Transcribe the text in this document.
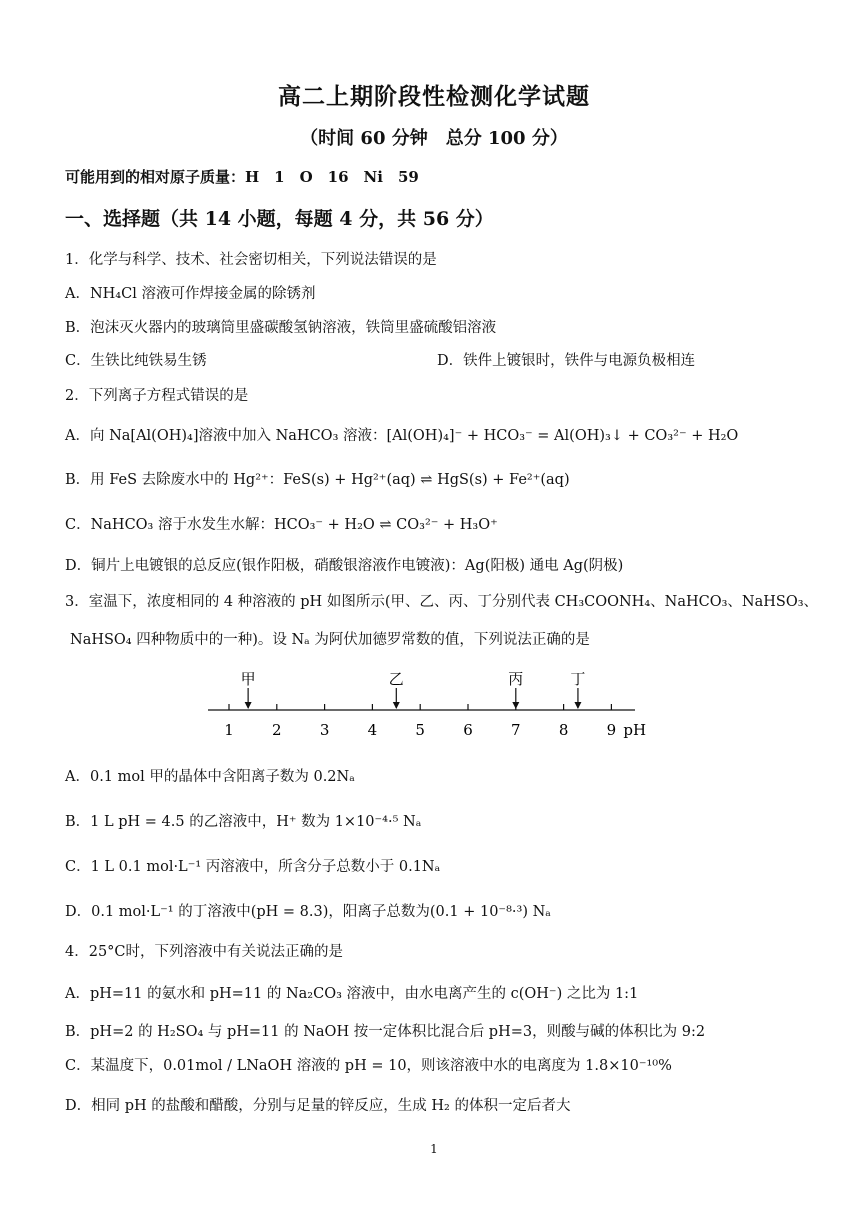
高二上期阶段性检测化学试题
（时间 60 分钟　总分 100 分）
可能用到的相对原子质量：H　1　O　16　Ni　59
一、选择题（共 14 小题，每题 4 分，共 56 分）
1．化学与科学、技术、社会密切相关，下列说法错误的是
A．NH₄Cl 溶液可作焊接金属的除锈剂
B．泡沫灭火器内的玻璃筒里盛碳酸氢钠溶液，铁筒里盛硫酸铝溶液
C．生铁比纯铁易生锈	D．铁件上镀银时，铁件与电源负极相连
2．下列离子方程式错误的是
A．向 Na[Al(OH)₄]溶液中加入 NaHCO₃ 溶液：[Al(OH)₄]⁻ + HCO₃⁻ = Al(OH)₃↓ + CO₃²⁻ + H₂O
B．用 FeS 去除废水中的 Hg²⁺：FeS(s) + Hg²⁺(aq) ⇌ HgS(s) + Fe²⁺(aq)
C．NaHCO₃ 溶于水发生水解：HCO₃⁻ + H₂O ⇌ CO₃²⁻ + H₃O⁺
D．铜片上电镀银的总反应(银作阳极，硝酸银溶液作电镀液)：Ag(阳极) 通电 Ag(阴极)
3．室温下，浓度相同的 4 种溶液的 pH 如图所示(甲、乙、丙、丁分别代表 CH₃COONH₄、NaHCO₃、NaHSO₃、
NaHSO₄ 四种物质中的一种)。设 Nₐ 为阿伏加德罗常数的值，下列说法正确的是
1	2	3	4	5	6	7	8	9 pH
甲	乙	丙	丁
A．0.1 mol 甲的晶体中含阳离子数为 0.2Nₐ
B．1 L pH = 4.5 的乙溶液中，H⁺ 数为 1×10⁻⁴·⁵ Nₐ
C．1 L 0.1 mol·L⁻¹ 丙溶液中，所含分子总数小于 0.1Nₐ
D．0.1 mol·L⁻¹ 的丁溶液中(pH = 8.3)，阳离子总数为(0.1 + 10⁻⁸·³) Nₐ
4．25°C时，下列溶液中有关说法正确的是
A．pH=11 的氨水和 pH=11 的 Na₂CO₃ 溶液中，由水电离产生的 c(OH⁻) 之比为 1:1
B．pH=2 的 H₂SO₄ 与 pH=11 的 NaOH 按一定体积比混合后 pH=3，则酸与碱的体积比为 9:2
C．某温度下，0.01mol / LNaOH 溶液的 pH = 10，则该溶液中水的电离度为 1.8×10⁻¹⁰%
D．相同 pH 的盐酸和醋酸，分别与足量的锌反应，生成 H₂ 的体积一定后者大
1
